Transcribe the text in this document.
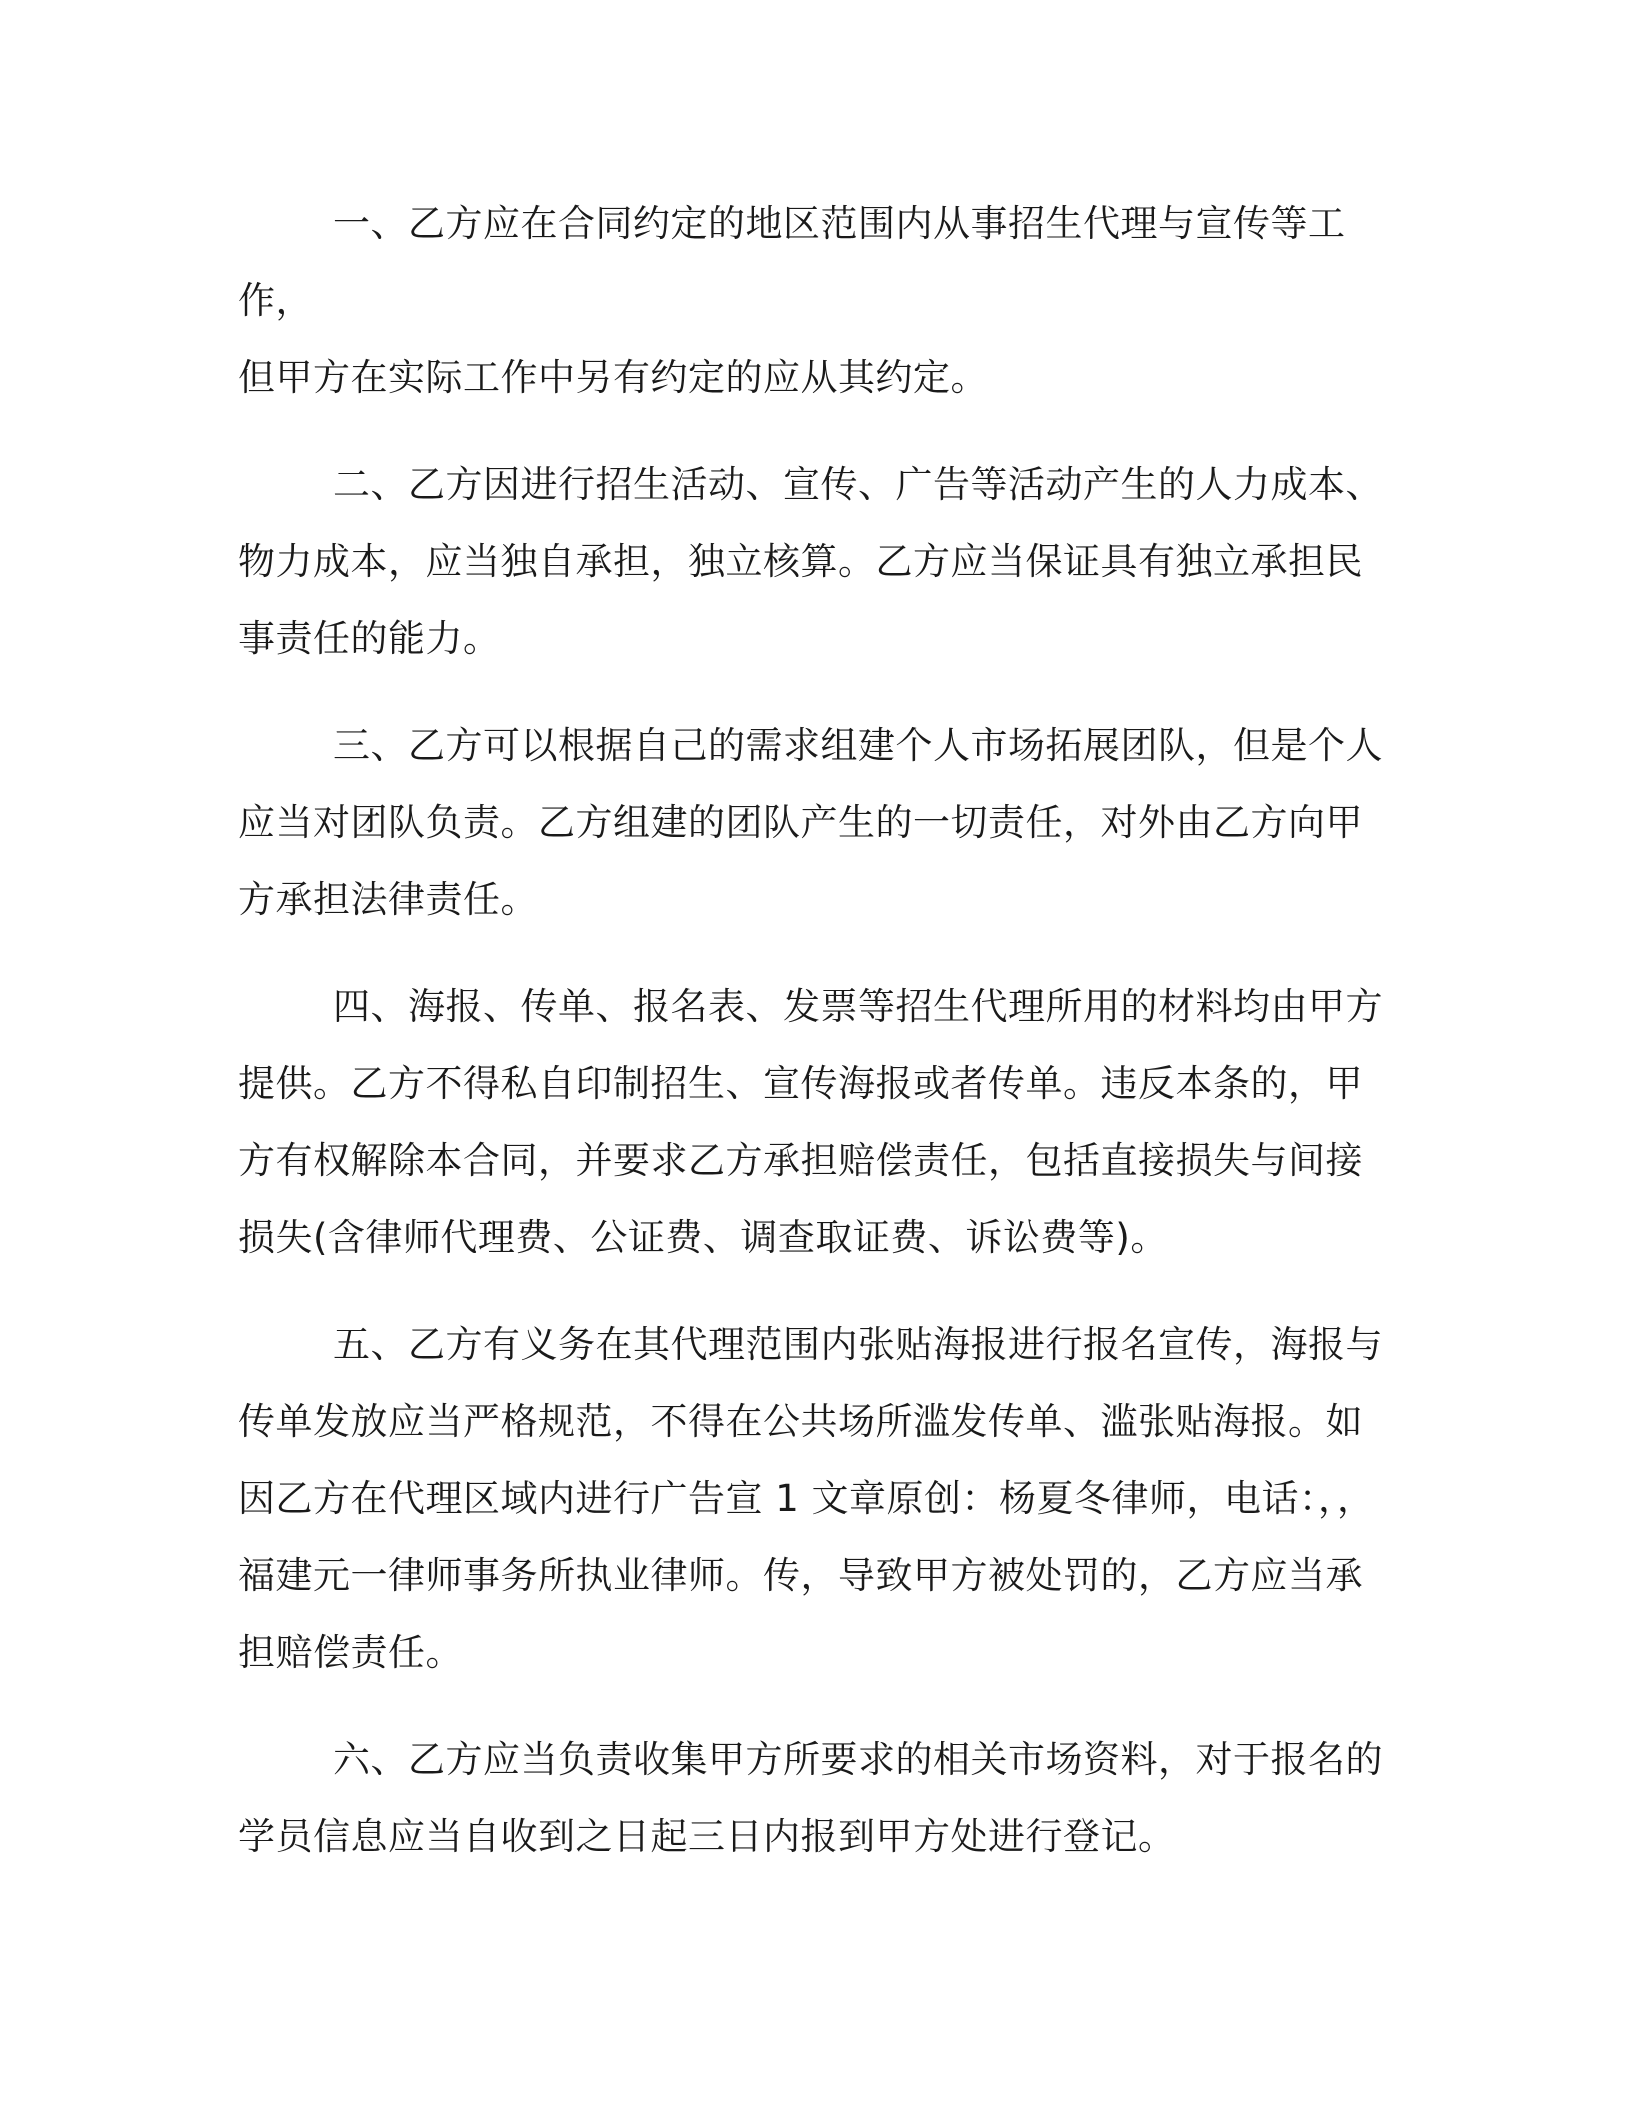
一、乙方应在合同约定的地区范围内从事招生代理与宣传等工作，
但甲方在实际工作中另有约定的应从其约定。

二、乙方因进行招生活动、宣传、广告等活动产生的人力成本、
物力成本，应当独自承担，独立核算。乙方应当保证具有独立承担民
事责任的能力。

三、乙方可以根据自己的需求组建个人市场拓展团队，但是个人
应当对团队负责。乙方组建的团队产生的一切责任，对外由乙方向甲
方承担法律责任。

四、海报、传单、报名表、发票等招生代理所用的材料均由甲方
提供。乙方不得私自印制招生、宣传海报或者传单。违反本条的，甲
方有权解除本合同，并要求乙方承担赔偿责任，包括直接损失与间接
损失(含律师代理费、公证费、调查取证费、诉讼费等)。

五、乙方有义务在其代理范围内张贴海报进行报名宣传，海报与
传单发放应当严格规范，不得在公共场所滥发传单、滥张贴海报。如
因乙方在代理区域内进行广告宣 1 文章原创：杨夏冬律师，电话：，，
福建元一律师事务所执业律师。传，导致甲方被处罚的，乙方应当承
担赔偿责任。

六、乙方应当负责收集甲方所要求的相关市场资料，对于报名的
学员信息应当自收到之日起三日内报到甲方处进行登记。
